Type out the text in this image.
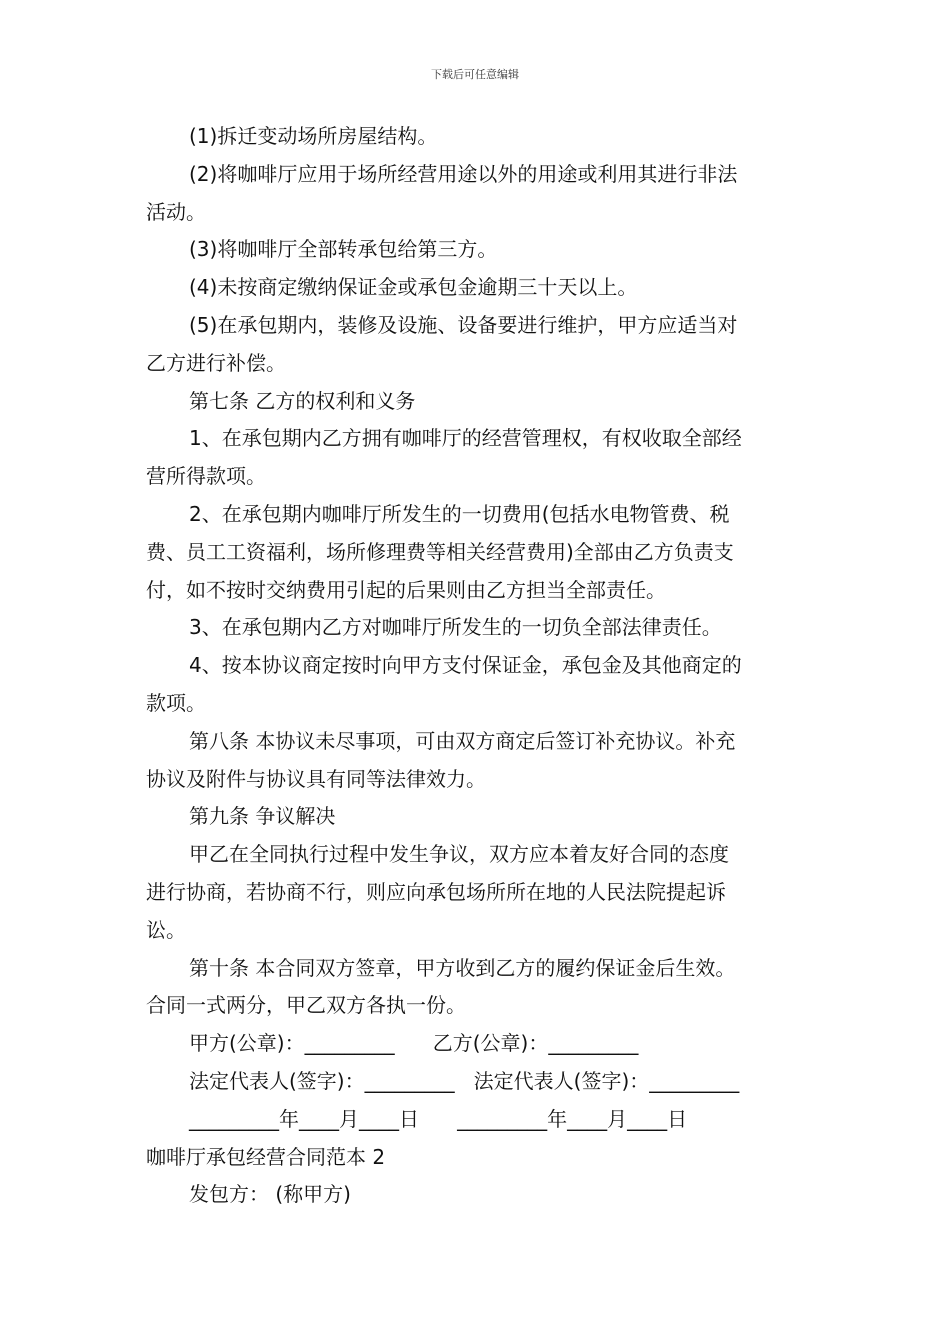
下载后可任意编辑

(1)拆迁变动场所房屋结构。

(2)将咖啡厅应用于场所经营用途以外的用途或利用其进行非法

活动。

(3)将咖啡厅全部转承包给第三方。

(4)未按商定缴纳保证金或承包金逾期三十天以上。

(5)在承包期内，装修及设施、设备要进行维护，甲方应适当对

乙方进行补偿。

第七条 乙方的权利和义务

1、在承包期内乙方拥有咖啡厅的经营管理权，有权收取全部经

营所得款项。

2、在承包期内咖啡厅所发生的一切费用(包括水电物管费、税

费、员工工资福利，场所修理费等相关经营费用)全部由乙方负责支

付，如不按时交纳费用引起的后果则由乙方担当全部责任。

3、在承包期内乙方对咖啡厅所发生的一切负全部法律责任。

4、按本协议商定按时向甲方支付保证金，承包金及其他商定的

款项。

第八条 本协议未尽事项，可由双方商定后签订补充协议。补充

协议及附件与协议具有同等法律效力。

第九条 争议解决

甲乙在全同执行过程中发生争议，双方应本着友好合同的态度

进行协商，若协商不行，则应向承包场所所在地的人民法院提起诉

讼。

第十条 本合同双方签章，甲方收到乙方的履约保证金后生效。

合同一式两分，甲乙双方各执一份。

甲方(公章)：_________      乙方(公章)：_________

法定代表人(签字)：_________   法定代表人(签字)：_________

_________年____月____日      _________年____月____日

咖啡厅承包经营合同范本 2

发包方： (称甲方)
